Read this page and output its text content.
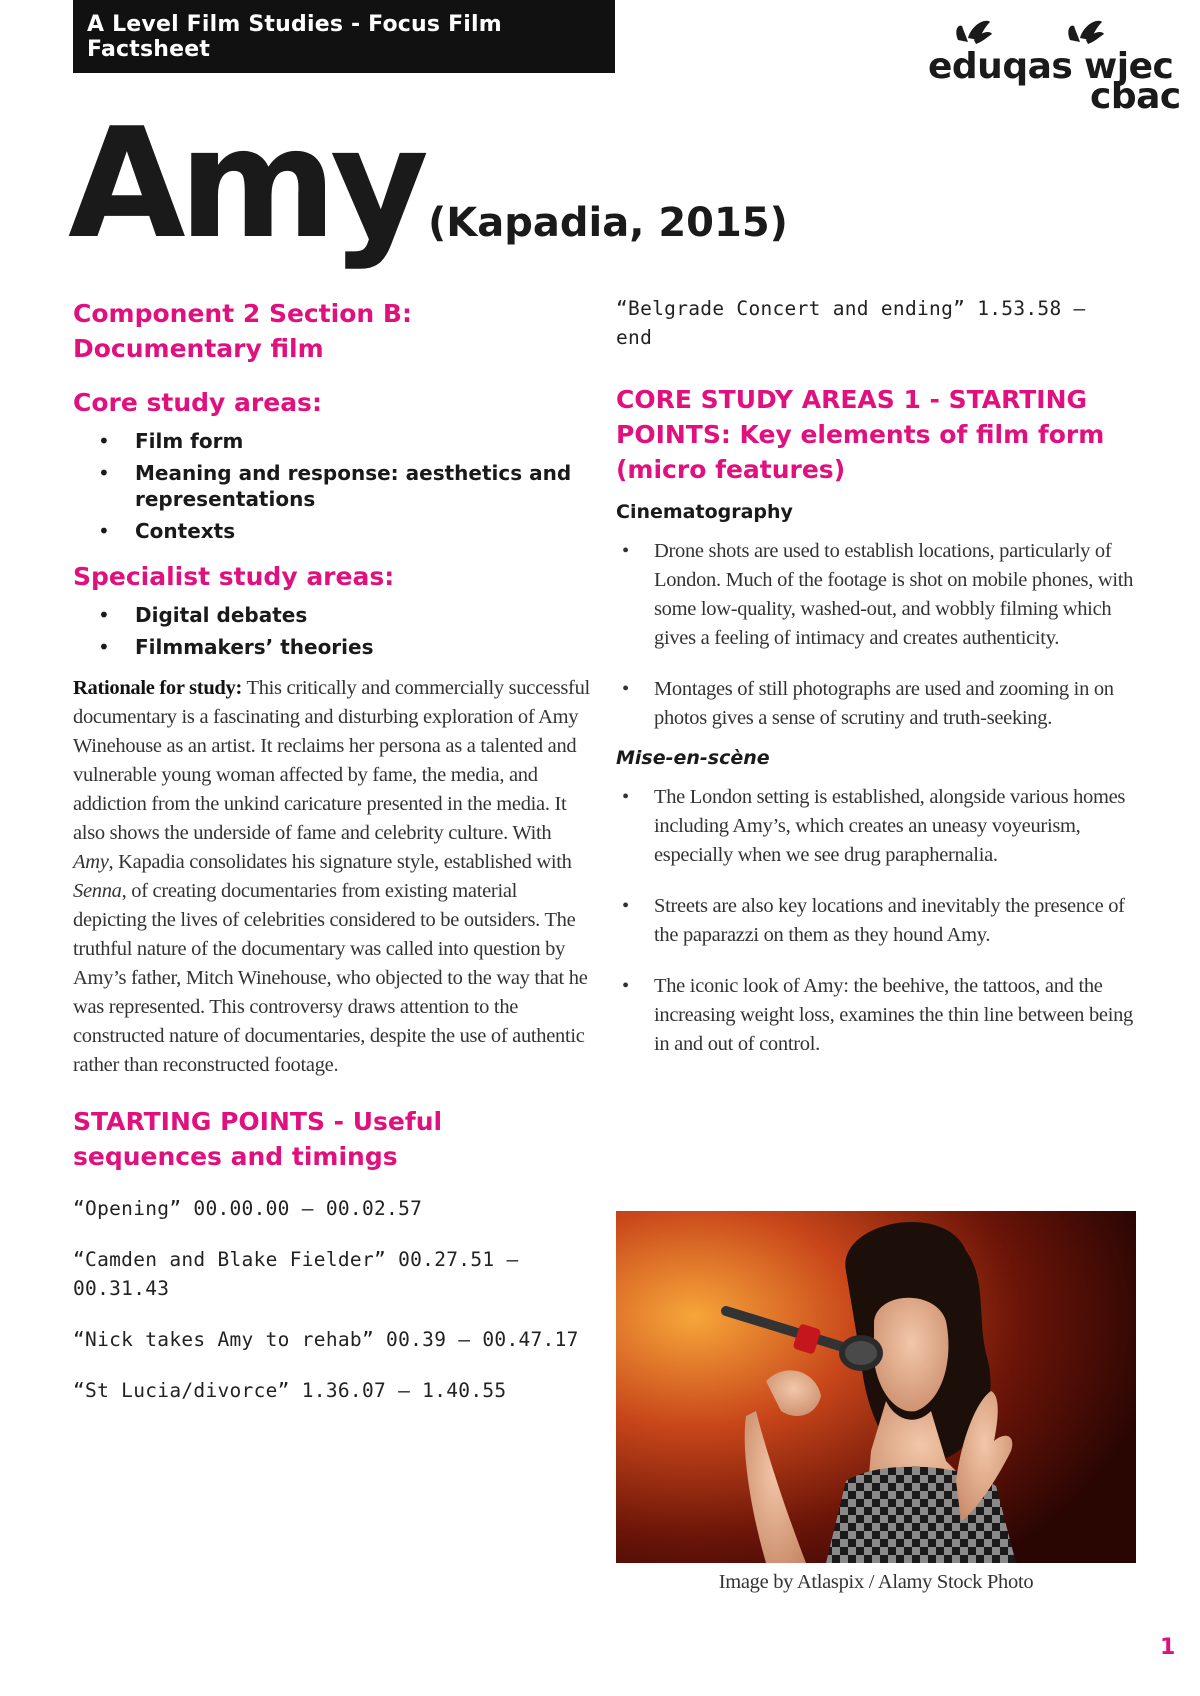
A Level Film Studies - Focus Film Factsheet	eduqas wjec
cbac
Amy (Kapadia, 2015)

Component 2 Section B:
Documentary film

Core study areas:

• Film form
• Meaning and response: aesthetics and representations
• Contexts

Specialist study areas:

• Digital debates
• Filmmakers’ theories

Rationale for study: This critically and commercially successful documentary is a fascinating and disturbing exploration of Amy Winehouse as an artist. It reclaims her persona as a talented and vulnerable young woman affected by fame, the media, and addiction from the unkind caricature presented in the media. It also shows the underside of fame and celebrity culture. With Amy, Kapadia consolidates his signature style, established with Senna, of creating documentaries from existing material depicting the lives of celebrities considered to be outsiders. The truthful nature of the documentary was called into question by Amy’s father, Mitch Winehouse, who objected to the way that he was represented. This controversy draws attention to the constructed nature of documentaries, despite the use of authentic rather than reconstructed footage.

STARTING POINTS - Useful sequences and timings

“Opening” 00.00.00 – 00.02.57

“Camden and Blake Fielder” 00.27.51 – 00.31.43

“Nick takes Amy to rehab” 00.39 – 00.47.17

“St Lucia/divorce” 1.36.07 – 1.40.55

“Belgrade Concert and ending” 1.53.58 – end

CORE STUDY AREAS 1 - STARTING POINTS: Key elements of film form (micro features)

Cinematography

• Drone shots are used to establish locations, particularly of London. Much of the footage is shot on mobile phones, with some low-quality, washed-out, and wobbly filming which gives a feeling of intimacy and creates authenticity.
• Montages of still photographs are used and zooming in on photos gives a sense of scrutiny and truth-seeking.

Mise-en-scène

• The London setting is established, alongside various homes including Amy’s, which creates an uneasy voyeurism, especially when we see drug paraphernalia.
• Streets are also key locations and inevitably the presence of the paparazzi on them as they hound Amy.
• The iconic look of Amy: the beehive, the tattoos, and the increasing weight loss, examines the thin line between being in and out of control.
Image by Atlaspix / Alamy Stock Photo
1
